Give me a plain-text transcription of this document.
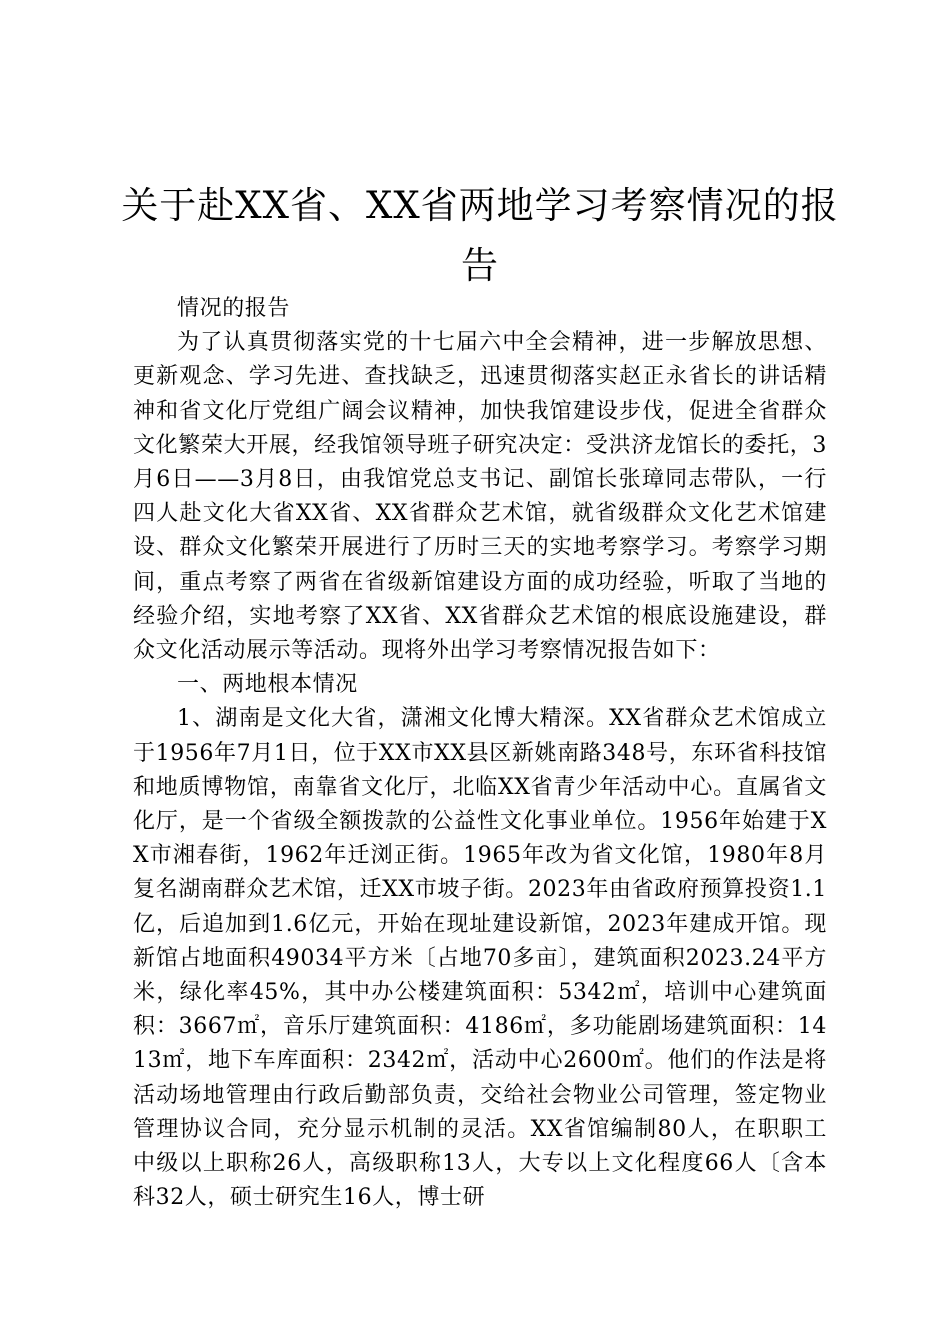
关于赴XX省、XX省两地学习考察情况的报告

情况的报告

为了认真贯彻落实党的十七届六中全会精神，进一步解放思想、更新观念、学习先进、查找缺乏，迅速贯彻落实赵正永省长的讲话精神和省文化厅党组广阔会议精神，加快我馆建设步伐，促进全省群众文化繁荣大开展，经我馆领导班子研究决定：受洪济龙馆长的委托，3月6日——3月8日，由我馆党总支书记、副馆长张璋同志带队，一行四人赴文化大省XX省、XX省群众艺术馆，就省级群众文化艺术馆建设、群众文化繁荣开展进行了历时三天的实地考察学习。考察学习期间，重点考察了两省在省级新馆建设方面的成功经验，听取了当地的经验介绍，实地考察了XX省、XX省群众艺术馆的根底设施建设，群众文化活动展示等活动。现将外出学习考察情况报告如下：

一、两地根本情况

1、湖南是文化大省，潇湘文化博大精深。XX省群众艺术馆成立于1956年7月1日，位于XX市XX县区新姚南路348号，东环省科技馆和地质博物馆，南靠省文化厅，北临XX省青少年活动中心。直属省文化厅，是一个省级全额拨款的公益性文化事业单位。1956年始建于XX市湘春街，1962年迁浏正街。1965年改为省文化馆，1980年8月复名湖南群众艺术馆，迁XX市坡子街。2023年由省政府预算投资1.1亿，后追加到1.6亿元，开始在现址建设新馆，2023年建成开馆。现新馆占地面积49034平方米〔占地70多亩〕，建筑面积2023.24平方米，绿化率45%，其中办公楼建筑面积：5342㎡，培训中心建筑面积：3667㎡，音乐厅建筑面积：4186㎡，多功能剧场建筑面积：1413㎡，地下车库面积：2342㎡，活动中心2600㎡。他们的作法是将活动场地管理由行政后勤部负责，交给社会物业公司管理，签定物业管理协议合同，充分显示机制的灵活。XX省馆编制80人，在职职工中级以上职称26人，高级职称13人，大专以上文化程度66人〔含本科32人，硕士研究生16人，博士研
